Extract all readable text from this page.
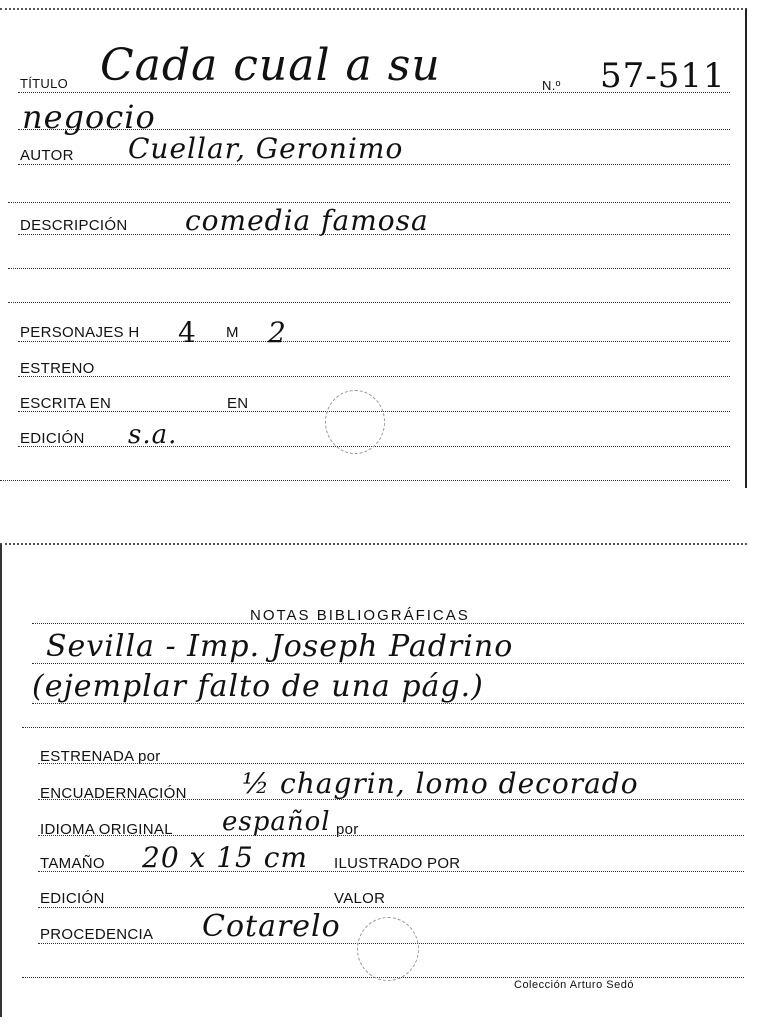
TÍTULO Cada cual a su	N.º 57-511
negocio
AUTOR Cuellar, Geronimo
DESCRIPCIÓN comedia famosa
PERSONAJES H 4 M 2
ESTRENO
ESCRITA EN	EN
EDICIÓN s.a.
NOTAS BIBLIOGRÁFICAS
Sevilla - Imp. Joseph Padrino
(ejemplar falto de una pág.)
ESTRENADA por
ENCUADERNACIÓN ½ chagrin, lomo decorado
IDIOMA ORIGINAL español por
TAMAÑO 20 x 15 cm ILUSTRADO POR
EDICIÓN	VALOR
PROCEDENCIA Cotarelo
Colección Arturo Sedó
